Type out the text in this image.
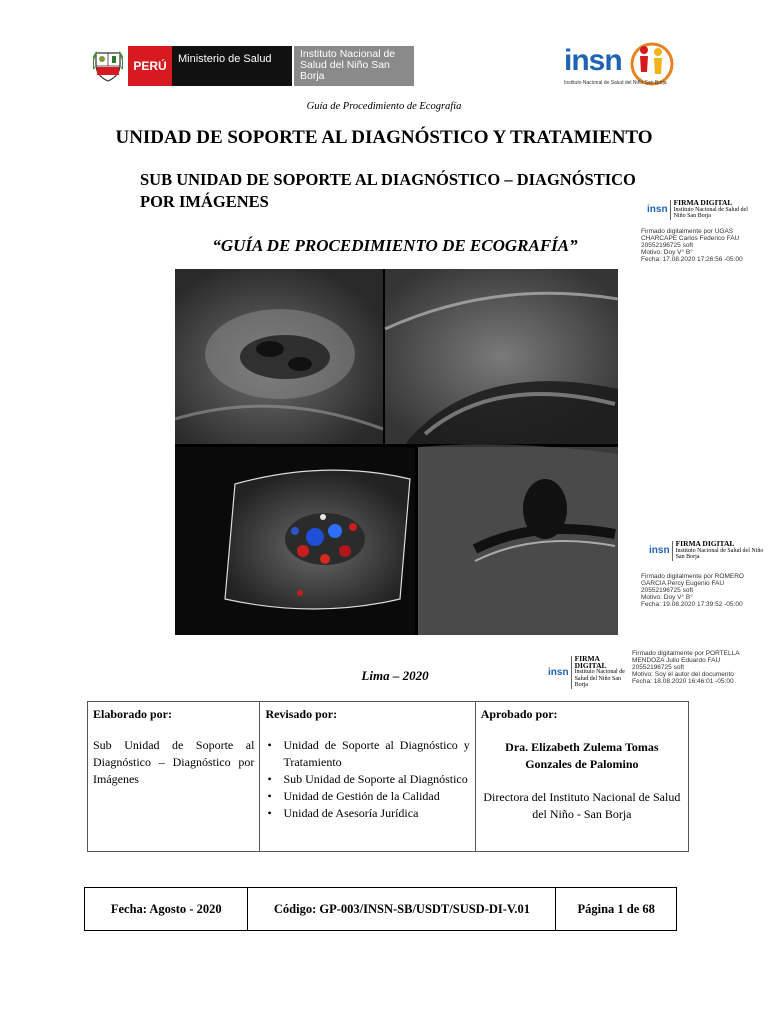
PERÚ	Ministerio de Salud	Instituto Nacional de Salud del Niño San Borja	insn
Instituto Nacional de Salud del Niño San Borja
Guía de Procedimiento de Ecografía
UNIDAD DE SOPORTE AL DIAGNÓSTICO Y TRATAMIENTO
SUB UNIDAD DE SOPORTE AL DIAGNÓSTICO – DIAGNÓSTICO POR IMÁGENES
“GUÍA DE PROCEDIMIENTO DE ECOGRAFÍA”
insn
FIRMA DIGITAL
Instituto Nacional de Salud del Niño San Borja
Firmado digitalmente por UGAS
CHARCAPE Carlos Federico FAU
20552196725 soft
Motivo: Doy V° B°
Fecha: 17.08.2020 17:26:56 -05:00
insn
FIRMA DIGITAL
Instituto Nacional de Salud del Niño San Borja
Firmado digitalmente por ROMERO
GARCIA Percy Eugenio FAU
20552196725 soft
Motivo: Doy V° B°
Fecha: 19.08.2020 17:39:52 -05:00
insn
FIRMA DIGITAL
Instituto Nacional de Salud del Niño San Borja
Firmado digitalmente por PORTELLA
MENDOZA Julio Eduardo FAU
20552196725 soft
Motivo: Soy el autor del documento
Fecha: 18.08.2020 16:46:01 -05:00
Lima – 2020
Elaborado por:
Sub Unidad de Soporte al Diagnóstico – Diagnóstico por Imágenes
Revisado por:
• Unidad de Soporte al Diagnóstico y Tratamiento
• Sub Unidad de Soporte al Diagnóstico
• Unidad de Gestión de la Calidad
• Unidad de Asesoría Jurídica
Aprobado por:
Dra. Elizabeth Zulema Tomas Gonzales de Palomino
Directora del Instituto Nacional de Salud del Niño - San Borja
Fecha: Agosto - 2020	Código: GP-003/INSN-SB/USDT/SUSD-DI-V.01	Página 1 de 68
